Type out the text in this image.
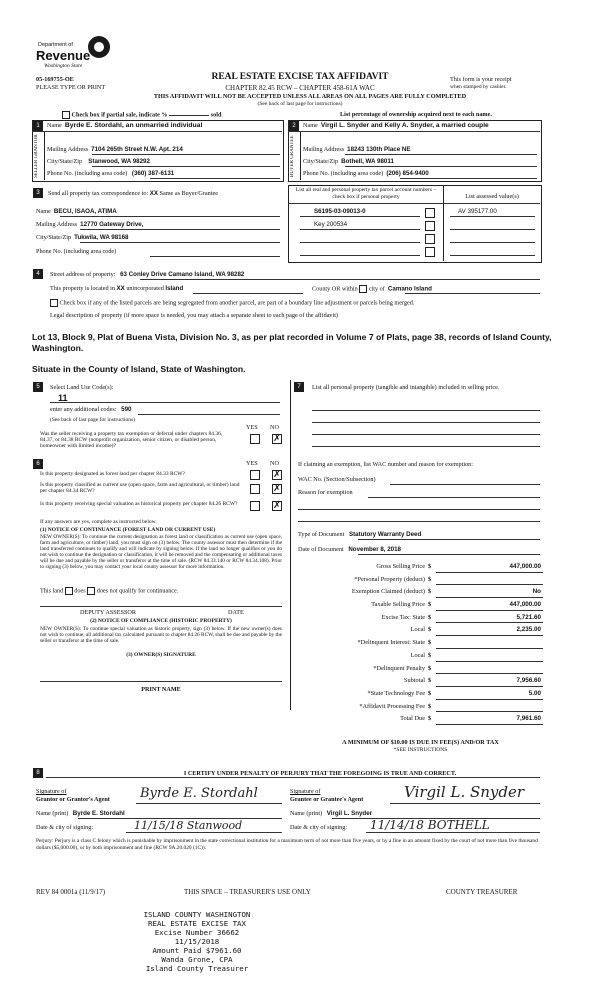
Department of
Revenue
Washington State
05-169755-OE
PLEASE TYPE OR PRINT
REAL ESTATE EXCISE TAX AFFIDAVIT
CHAPTER 82.45 RCW – CHAPTER 458-61A WAC
This form is your receipt
when stamped by cashier.
THIS AFFIDAVIT WILL NOT BE ACCEPTED UNLESS ALL AREAS ON ALL PAGES ARE FULLY COMPLETED
(See back of last page for instructions)
Check box if partial sale, indicate %	sold	List percentage of ownership acquired next to each name.
1	2
SELLER GRANTOR	BUYER GRANTEE
Name Byrde E. Stordahl, an unmarried individual
Mailing Address 7104 265th Street N.W. Apt. 214
City/State/Zip Stanwood, WA 98292
Phone No. (including area code) (360) 387-6131
Name Virgil L. Snyder and Kelly A. Snyder, a married couple
Mailing Address 18243 130th Place NE
City/State/Zip Bothell, WA 98011
Phone No. (including area code) (206) 854-9400
3	Send all property tax correspondence to: XX Same as Buyer/Grantee
Name BECU, ISAOA, ATIMA
Mailing Address 12770 Gateway Drive,
City/State/Zip Tukwila, WA 98168
Phone No. (including area code)
List all real and personal property tax parcel account numbers – check box if personal property	List assessed value(s)
S6195-03-09013-0
Key 200534
AV 395177.00
4	Street address of property: 63 Conley Drive Camano Island, WA 98282
This property is located in XX unincorporated Island	County OR within city of Camano Island
Check box if any of the listed parcels are being segregated from another parcel, are part of a boundary line adjustment or parcels being merged.
Legal description of property (if more space is needed, you may attach a separate sheet to each page of the affidavit)
Lot 13, Block 9, Plat of Buena Vista, Division No. 3, as per plat recorded in Volume 7 of Plats, page 38, records of Island County, Washington.
Situate in the County of Island, State of Washington.
5	Select Land Use Code(s):
11
enter any additional codes: 590
(See back of last page for instructions)
YES NO
Was the seller receiving a property tax exemption or deferral under chapters 84.36, 84.37, or 84.38 RCW (nonprofit organization, senior citizen, or disabled person, homeowner with limited income)?
✗
7	List all personal property (tangible and intangible) included in selling price.
6	YES NO
Is this property designated as forest land per chapter 84.33 RCW?	✗
Is this property classified as current use (open space, farm and agricultural, or timber) land per chapter 84.34 RCW?	✗
Is this property receiving special valuation as historical property per chapter 84.26 RCW?	✗
If any answers are yes, complete as instructed below.
(1) NOTICE OF CONTINUANCE (FOREST LAND OR CURRENT USE)
NEW OWNER(S): To continue the current designation as forest land or classification as current use (open space, farm and agriculture, or timber) land, you must sign on (3) below. The county assessor must then determine if the land transferred continues to qualify and will indicate by signing below. If the land no longer qualifies or you do not wish to continue the designation or classification, it will be removed and the compensating or additional taxes will be due and payable by the seller or transferor at the time of sale. (RCW 84.33.140 or RCW 84.34.108). Prior to signing (3) below, you may contact your local county assessor for more information.
This land does does not qualify for continuance.
DEPUTY ASSESSOR	DATE
(2) NOTICE OF COMPLIANCE (HISTORIC PROPERTY)
NEW OWNER(S): To continue special valuation as historic property, sign (3) below. If the new owner(s) does not wish to continue, all additional tax calculated pursuant to chapter 84.26 RCW, shall be due and payable by the seller or transferor at the time of sale.
(3) OWNER(S) SIGNATURE
PRINT NAME
If claiming an exemption, list WAC number and reason for exemption:
WAC No. (Section/Subsection)
Reason for exemption
Type of Document Statutory Warranty Deed
Date of Document November 8, 2018
Gross Selling Price $	447,000.00
*Personal Property (deduct) $
Exemption Claimed (deduct) $	No
Taxable Selling Price $	447,000.00
Excise Tax: State $	5,721.60
Local $	2,235.00
*Delinquent Interest: State $
Local $
*Delinquent Penalty $
Subtotal $	7,956.60
*State Technology Fee $	5.00
*Affidavit Processing Fee $
Total Due $	7,961.60
A MINIMUM OF $10.00 IS DUE IN FEE(S) AND/OR TAX
*SEE INSTRUCTIONS
8	I CERTIFY UNDER PENALTY OF PERJURY THAT THE FOREGOING IS TRUE AND CORRECT.
Signature of
Grantor or Grantor's Agent Byrde E. Stordahl
Name (print) Byrde E. Stordahl
Date & city of signing:	11/15/18 Stanwood
Signature of
Grantee or Grantee's Agent	Virgil L. Snyder
Name (print) Virgil L. Snyder
Date & city of signing: 11/14/18 BOTHELL
Perjury: Perjury is a class C felony which is punishable by imprisonment in the state correctional institution for a maximum term of not more than five years, or by a fine in an amount fixed by the court of not more than five thousand dollars ($5,000.00), or by both imprisonment and fine (RCW 9A.20.020 (1C)).
REV 84 0001a (11/9/17)	THIS SPACE – TREASURER'S USE ONLY	COUNTY TREASURER
ISLAND COUNTY WASHINGTON
REAL ESTATE EXCISE TAX
Excise Number 36662
11/15/2018
Amount Paid $7961.60
Wanda Grone, CPA
Island County Treasurer
